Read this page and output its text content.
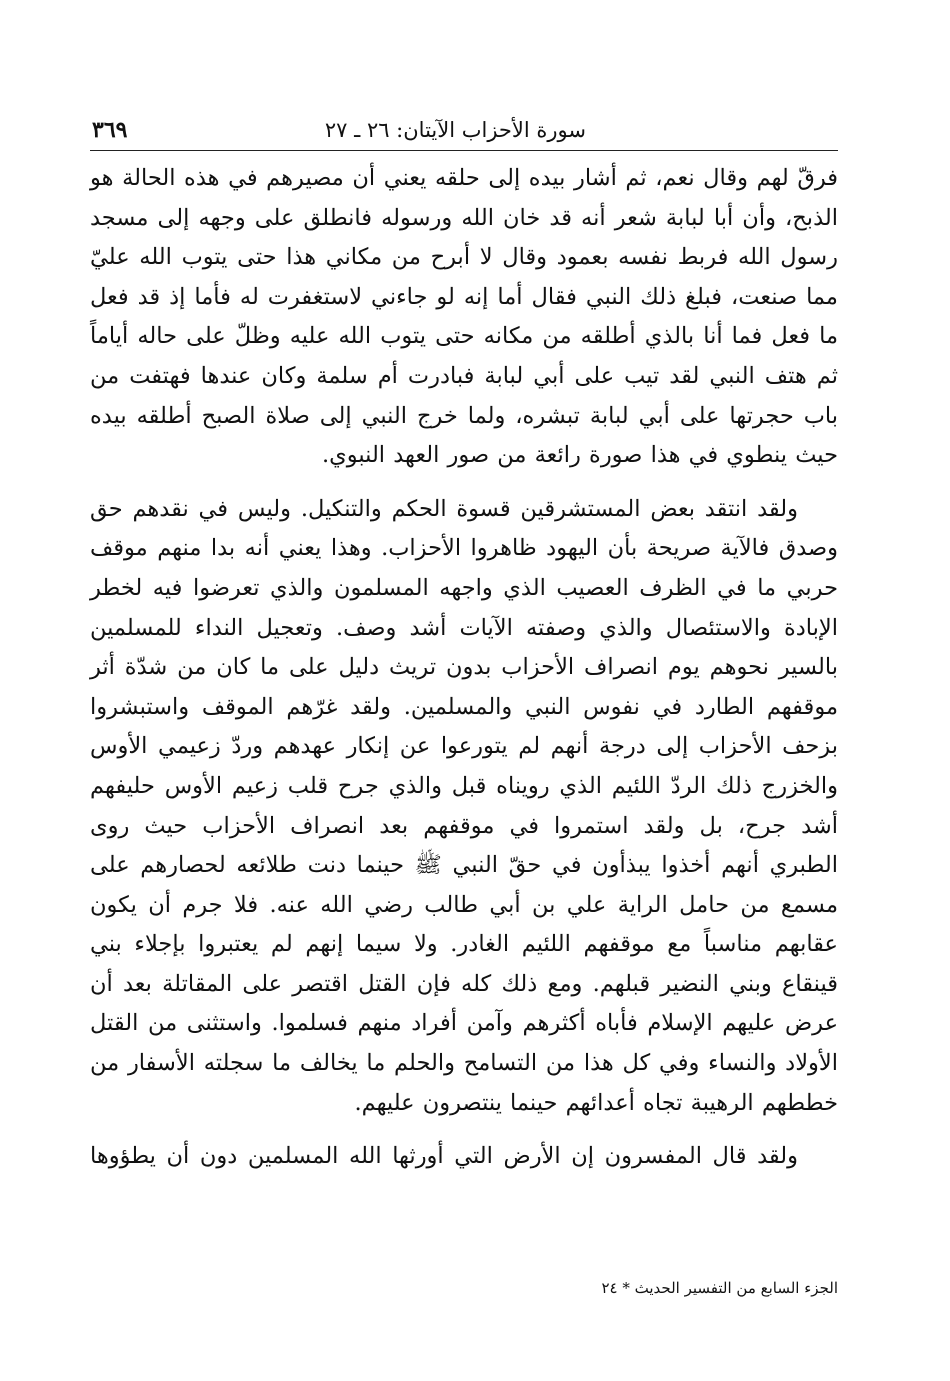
سورة الأحزاب الآيتان: ٢٦ ـ ٢٧
٣٦٩

فرقّ لهم وقال نعم، ثم أشار بيده إلى حلقه يعني أن مصيرهم في هذه الحالة هو الذبح، وأن أبا لبابة شعر أنه قد خان الله ورسوله فانطلق على وجهه إلى مسجد رسول الله فربط نفسه بعمود وقال لا أبرح من مكاني هذا حتى يتوب الله عليّ مما صنعت، فبلغ ذلك النبي فقال أما إنه لو جاءني لاستغفرت له فأما إذ قد فعل ما فعل فما أنا بالذي أطلقه من مكانه حتى يتوب الله عليه وظلّ على حاله أياماً ثم هتف النبي لقد تيب على أبي لبابة فبادرت أم سلمة وكان عندها فهتفت من باب حجرتها على أبي لبابة تبشره، ولما خرج النبي إلى صلاة الصبح أطلقه بيده حيث ينطوي في هذا صورة رائعة من صور العهد النبوي.

ولقد انتقد بعض المستشرقين قسوة الحكم والتنكيل. وليس في نقدهم حق وصدق فالآية صريحة بأن اليهود ظاهروا الأحزاب. وهذا يعني أنه بدا منهم موقف حربي ما في الظرف العصيب الذي واجهه المسلمون والذي تعرضوا فيه لخطر الإبادة والاستئصال والذي وصفته الآيات أشد وصف. وتعجيل النداء للمسلمين بالسير نحوهم يوم انصراف الأحزاب بدون تريث دليل على ما كان من شدّة أثر موقفهم الطارد في نفوس النبي والمسلمين. ولقد غرّهم الموقف واستبشروا بزحف الأحزاب إلى درجة أنهم لم يتورعوا عن إنكار عهدهم وردّ زعيمي الأوس والخزرج ذلك الردّ اللئيم الذي رويناه قبل والذي جرح قلب زعيم الأوس حليفهم أشد جرح، بل ولقد استمروا في موقفهم بعد انصراف الأحزاب حيث روى الطبري أنهم أخذوا يبذأون في حقّ النبي ﷺ حينما دنت طلائعه لحصارهم على مسمع من حامل الراية علي بن أبي طالب رضي الله عنه. فلا جرم أن يكون عقابهم مناسباً مع موقفهم اللئيم الغادر. ولا سيما إنهم لم يعتبروا بإجلاء بني قينقاع وبني النضير قبلهم. ومع ذلك كله فإن القتل اقتصر على المقاتلة بعد أن عرض عليهم الإسلام فأباه أكثرهم وآمن أفراد منهم فسلموا. واستثنى من القتل الأولاد والنساء وفي كل هذا من التسامح والحلم ما يخالف ما سجلته الأسفار من خططهم الرهيبة تجاه أعدائهم حينما ينتصرون عليهم.

ولقد قال المفسرون إن الأرض التي أورثها الله المسلمين دون أن يطؤوها

الجزء السابع من التفسير الحديث * ٢٤
